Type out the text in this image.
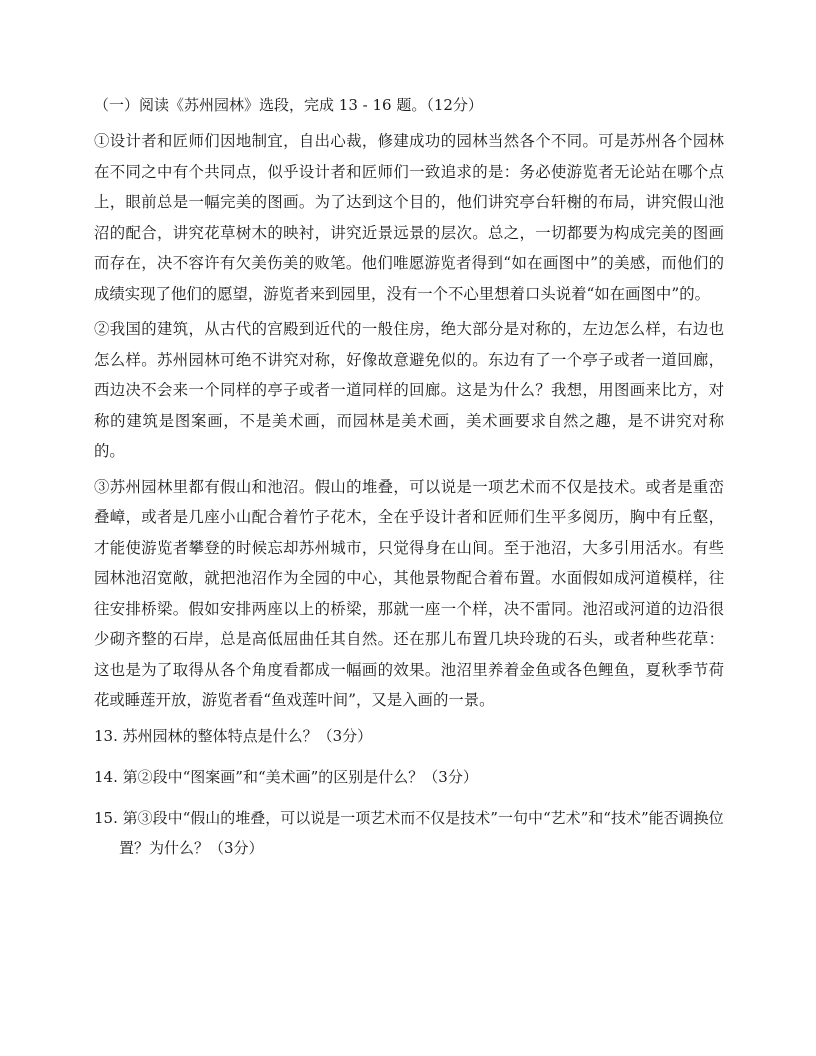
（一）阅读《苏州园林》选段，完成 13 - 16 题。（12分）

①设计者和匠师们因地制宜，自出心裁，修建成功的园林当然各个不同。可是苏州各个园林在不同之中有个共同点，似乎设计者和匠师们一致追求的是：务必使游览者无论站在哪个点上，眼前总是一幅完美的图画。为了达到这个目的，他们讲究亭台轩榭的布局，讲究假山池沼的配合，讲究花草树木的映衬，讲究近景远景的层次。总之，一切都要为构成完美的图画而存在，决不容许有欠美伤美的败笔。他们唯愿游览者得到“如在画图中”的美感，而他们的成绩实现了他们的愿望，游览者来到园里，没有一个不心里想着口头说着“如在画图中”的。

②我国的建筑，从古代的宫殿到近代的一般住房，绝大部分是对称的，左边怎么样，右边也怎么样。苏州园林可绝不讲究对称，好像故意避免似的。东边有了一个亭子或者一道回廊，西边决不会来一个同样的亭子或者一道同样的回廊。这是为什么？我想，用图画来比方，对称的建筑是图案画，不是美术画，而园林是美术画，美术画要求自然之趣，是不讲究对称的。

③苏州园林里都有假山和池沼。假山的堆叠，可以说是一项艺术而不仅是技术。或者是重峦叠嶂，或者是几座小山配合着竹子花木，全在乎设计者和匠师们生平多阅历，胸中有丘壑，才能使游览者攀登的时候忘却苏州城市，只觉得身在山间。至于池沼，大多引用活水。有些园林池沼宽敞，就把池沼作为全园的中心，其他景物配合着布置。水面假如成河道模样，往往安排桥梁。假如安排两座以上的桥梁，那就一座一个样，决不雷同。池沼或河道的边沿很少砌齐整的石岸，总是高低屈曲任其自然。还在那儿布置几块玲珑的石头，或者种些花草：这也是为了取得从各个角度看都成一幅画的效果。池沼里养着金鱼或各色鲤鱼，夏秋季节荷花或睡莲开放，游览者看“鱼戏莲叶间”，又是入画的一景。

13. 苏州园林的整体特点是什么？（3分）
14. 第②段中“图案画”和“美术画”的区别是什么？（3分）
15. 第③段中“假山的堆叠，可以说是一项艺术而不仅是技术”一句中“艺术”和“技术”能否调换位置？为什么？（3分）
